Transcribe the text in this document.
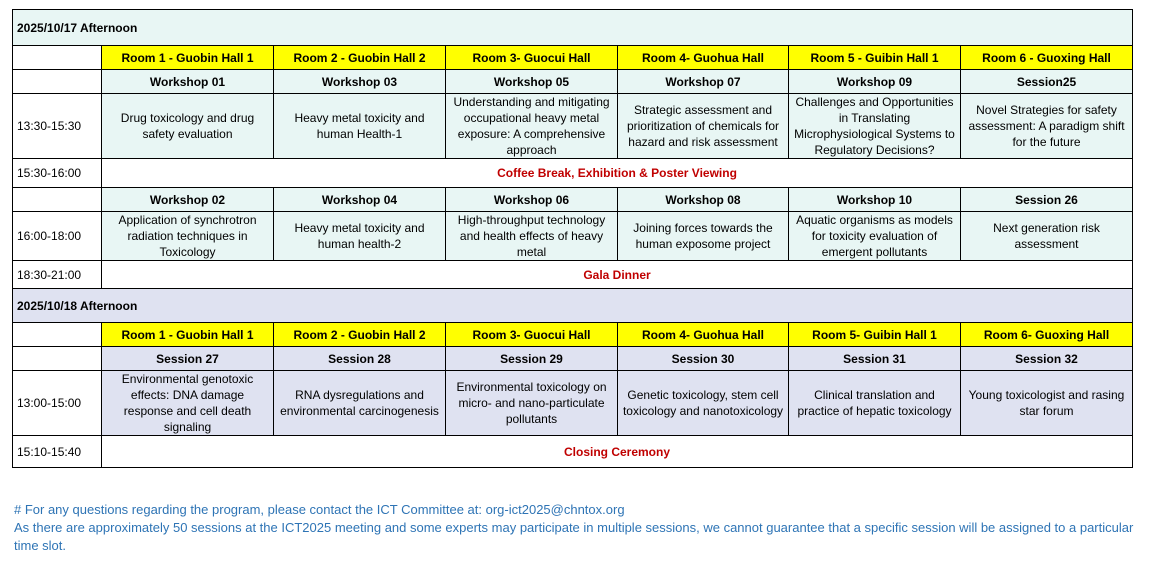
2025/10/17 Afternoon						
	Room 1 - Guobin Hall 1	Room 2 - Guobin Hall 2	Room 3- Guocui Hall	Room 4- Guohua Hall	Room 5 - Guibin Hall 1	Room 6 - Guoxing Hall
	Workshop 01	Workshop 03	Workshop 05	Workshop 07	Workshop 09	Session25
13:30-15:30	Drug toxicology and drug safety evaluation	Heavy metal toxicity and human Health-1	Understanding and mitigating occupational heavy metal exposure: A comprehensive approach	Strategic assessment and prioritization of chemicals for hazard and risk assessment	Challenges and Opportunities in Translating Microphysiological Systems to Regulatory Decisions?	Novel Strategies for safety assessment: A paradigm shift for the future
15:30-16:00	Coffee Break, Exhibition & Poster Viewing					
	Workshop 02	Workshop 04	Workshop 06	Workshop 08	Workshop 10	Session 26
16:00-18:00	Application of synchrotron radiation techniques in Toxicology	Heavy metal toxicity and human health-2	High-throughput technology and health effects of heavy metal	Joining forces towards the human exposome project	Aquatic organisms as models for toxicity evaluation of emergent pollutants	Next generation risk assessment
18:30-21:00	Gala Dinner					
2025/10/18 Afternoon						
	Room 1 - Guobin Hall 1	Room 2 - Guobin Hall 2	Room 3- Guocui Hall	Room 4- Guohua Hall	Room 5- Guibin Hall 1	Room 6- Guoxing Hall
	Session 27	Session 28	Session 29	Session 30	Session 31	Session 32
13:00-15:00	Environmental genotoxic effects: DNA damage response and cell death signaling	RNA dysregulations and environmental carcinogenesis	Environmental toxicology on micro- and nano-particulate pollutants	Genetic toxicology, stem cell toxicology and nanotoxicology	Clinical translation and practice of hepatic toxicology	Young toxicologist and rasing star forum
15:10-15:40	Closing Ceremony					
# For any questions regarding the program, please contact the ICT Committee at: org-ict2025@chntox.org
As there are approximately 50 sessions at the ICT2025 meeting and some experts may participate in multiple sessions, we cannot guarantee that a specific session will be assigned to a particular time slot.
